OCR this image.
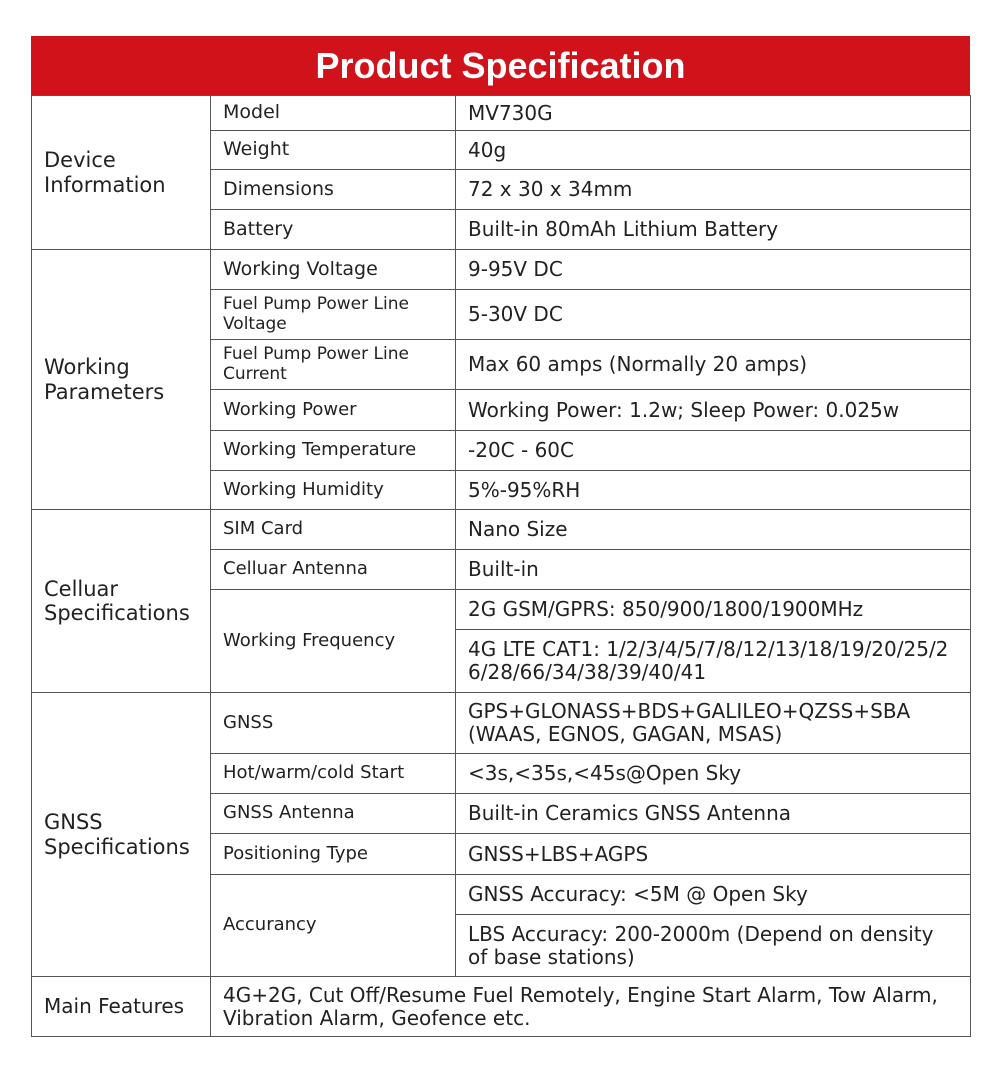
Product Specification
Device Information	Model	MV730G
	Weight	40g
	Dimensions	72 x 30 x 34mm
	Battery	Built-in 80mAh Lithium Battery
Working Parameters	Working Voltage	9-95V DC
	Fuel Pump Power Line Voltage	5-30V DC
	Fuel Pump Power Line Current	Max 60 amps (Normally 20 amps)
	Working Power	Working Power: 1.2w; Sleep Power: 0.025w
	Working Temperature	-20C - 60C
	Working Humidity	5%-95%RH
Celluar Specifications	SIM Card	Nano Size
	Celluar Antenna	Built-in
	Working Frequency	2G GSM/GPRS: 850/900/1800/1900MHz
		4G LTE CAT1: 1/2/3/4/5/7/8/12/13/18/19/20/25/26/28/66/34/38/39/40/41
GNSS Specifications	GNSS	GPS+GLONASS+BDS+GALILEO+QZSS+SBA (WAAS, EGNOS, GAGAN, MSAS)
	Hot/warm/cold Start	<3s,<35s,<45s@Open Sky
	GNSS Antenna	Built-in Ceramics GNSS Antenna
	Positioning Type	GNSS+LBS+AGPS
	Accurancy	GNSS Accuracy: <5M @ Open Sky
		LBS Accuracy: 200-2000m (Depend on density of base stations)
Main Features	4G+2G, Cut Off/Resume Fuel Remotely, Engine Start Alarm, Tow Alarm, Vibration Alarm, Geofence etc.	
